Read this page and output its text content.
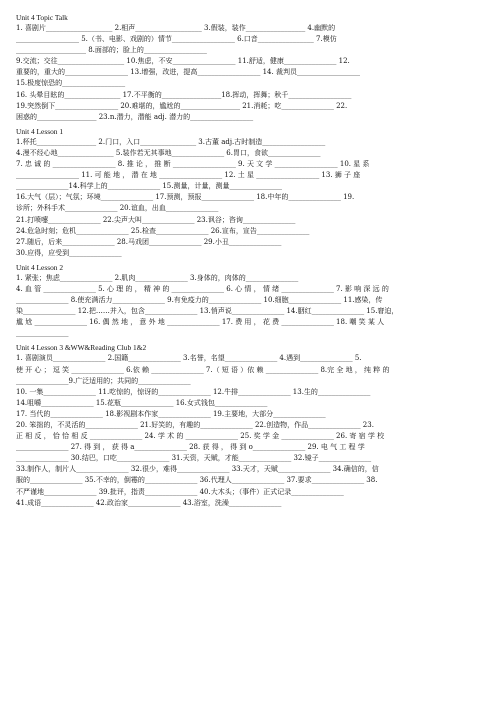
Unit 4 Topic Talk
1. 喜剧片___________________ 2.相声___________________ 3.假装，装作_________________ 4.幽默的
__________________ 5.（书、电影、戏剧的）情节__________________ 6.口音________________ 7.模仿
____________________ 8.面部的；脸上的__________________
9.交流；交往___________________ 10.焦虑，不安__________________ 11.舒适，健康_______________ 12.
重要的，重大的__________________ 13.增强，改进，提高__________________ 14. 裁判员__________________
15.极度惊恐的__________________
16. 头晕目眩的________________ 17.不平衡的_________________18.挥动，挥舞；秋千__________________
19.突然倒下__________________ 20.难堪的，尴尬的_________________ 21.消耗；吃_______________ 22.
困惑的_________________ 23.n.潜力，潜能 adj. 潜力的__________________
Unit 4 Lesson 1
1.杯托_________________ 2.门口，入口________________ 3.古董 adj.古时制造__________________
4.漫不经心地________________ 5.装作若无其事地_______________ 6.胃口，食欲_______________
7. 忠 诚 的 __________________ 8. 推 论 ， 推 断 __________________ 9. 天 文 学 __________________ 10. 星 系
__________________ 11. 可 能 地 ， 潜 在 地 __________________ 12. 土 星 __________________ 13. 狮 子 座
_______________14.科学上的_______________ 15.测量，计量，测量_______________
16.大气（层）；气氛；环境_______________ 17.预测，预报_______________ 18.中年的_______________ 19.
诊所；外科手术_______________ 20.谊血，出血_______________
21.打喷嚏_______________ 22.尖声大叫_______________ 23.讽谷；咨询_______________
24.危急时刻；危机_______________ 25.检查_______________ 26.宣布，宣告_______________
27.随后，后来_______________ 28.马戏团_______________ 29.小丑_______________
30.应得，应受到_______________
Unit 4 Lesson 2
1. 紧张；焦虑_______________ 2.肌肉_______________ 3.身体的，肉体的_______________
4. 血 管 _______________ 5. 心 理 的 ， 精 神 的 _______________ 6. 心 情 ， 情 绪 _______________ 7. 影 响 深 远 的
_______________ 8.使充满活力_______________ 9.有免疫力的_______________ 10.细胞_______________ 11.感染，传
染_______________ 12.把……并入，包含_______________ 13.悄声说_______________ 14.胭红_______________ 15.窘迫，
尴 尬 _______________ 16. 偶 然 地 ， 意 外 地 _______________ 17. 费 用 ， 花 费 _______________ 18. 嘲 笑 某 人
_______________
Unit 4 Lesson 3 &WW&Reading Club 1&2
1. 喜剧演员_______________ 2.国籍_______________ 3.名誉，名望_______________ 4.遇到_______________ 5.
使 开 心 ； 逗 笑 _______________ 6.依 赖 _______________ 7.（ 短 语 ）依 赖 _______________ 8.完 全 地 ， 纯 粹 的
_______________9.广泛适用的；共同的_______________
10. 一集_______________ 11.吃惊的，惊讶的_______________ 12.牛排_______________ 13.生的_______________
14.咀嚼_______________ 15.花瓶_______________ 16.女式钱包_______________
17. 当代的_______________ 18.影视剧本作家_______________ 19.主要地，大部分_______________
20. 笨拙的，不灵活的_______________ 21.好笑的，有趣的_______________ 22.创造物，作品_______________ 23.
正 相 反 ， 恰 恰 相 反 _______________ 24. 学 术 的 _______________ 25. 奖 学 金 _______________ 26. 寄 宿 学 校
_______________ 27. 得 到 ， 获 得 a_______________ 28. 获 得 ， 得 到 o_______________ 29. 电 气 工 程 学
_______________ 30.结巴，口吃_______________ 31.天资，天赋，才能_______________ 32.镜子_______________
33.制作人，制片人_______________ 32.很少，难得_______________ 33.天才，天赋_______________ 34.确信的，信
服的_______________ 35.不幸的，倒霉的_______________ 36.代理人_______________ 37.要求_______________ 38.
不严谨地_______________ 39.批评，指责_______________ 40.大木头；（事件）正式记录_______________
41.成语_______________ 42.政治家_______________ 43.浴室，洗澡_______________
